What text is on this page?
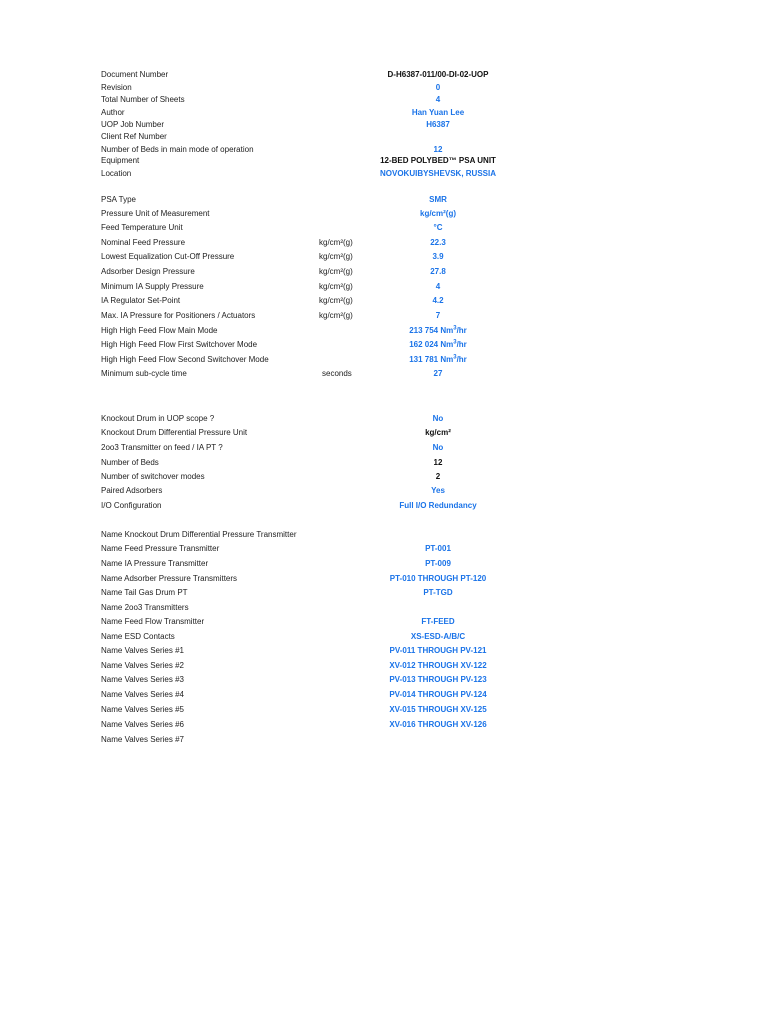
Document Number	D-H6387-011/00-DI-02-UOP
Revision	0
Total Number of Sheets	4
Author	Han Yuan Lee
UOP Job Number	H6387
Client Ref Number
Number of Beds in main mode of operation	12
Equipment	12-BED POLYBED™ PSA UNIT
Location	NOVOKUIBYSHEVSK, RUSSIA
PSA Type	SMR
Pressure Unit of Measurement	kg/cm²(g)
Feed Temperature Unit	°C
Nominal Feed Pressure	kg/cm²(g)	22.3
Lowest Equalization Cut-Off Pressure	kg/cm²(g)	3.9
Adsorber Design Pressure	kg/cm²(g)	27.8
Minimum IA Supply Pressure	kg/cm²(g)	4
IA Regulator Set-Point	kg/cm²(g)	4.2
Max. IA Pressure for Positioners / Actuators	kg/cm²(g)	7
High High Feed Flow Main Mode	213 754 Nm$^3$/hr
High High Feed Flow First Switchover Mode	162 024 Nm$^3$/hr
High High Feed Flow Second Switchover Mode	131 781 Nm$^3$/hr
Minimum sub-cycle time	seconds	27
Knockout Drum in UOP scope ?	No
Knockout Drum Differential Pressure Unit	kg/cm²
2oo3 Transmitter on feed / IA PT ?	No
Number of Beds	12
Number of switchover modes	2
Paired Adsorbers	Yes
I/O Configuration	Full I/O Redundancy
Name Knockout Drum Differential Pressure Transmitter
Name Feed Pressure Transmitter	PT-001
Name IA Pressure Transmitter	PT-009
Name Adsorber Pressure Transmitters	PT-010 THROUGH PT-120
Name Tail Gas Drum PT	PT-TGD
Name 2oo3 Transmitters
Name Feed Flow Transmitter	FT-FEED
Name ESD Contacts	XS-ESD-A/B/C
Name Valves Series #1	PV-011 THROUGH PV-121
Name Valves Series #2	XV-012 THROUGH XV-122
Name Valves Series #3	PV-013 THROUGH PV-123
Name Valves Series #4	PV-014 THROUGH PV-124
Name Valves Series #5	XV-015 THROUGH XV-125
Name Valves Series #6	XV-016 THROUGH XV-126
Name Valves Series #7
